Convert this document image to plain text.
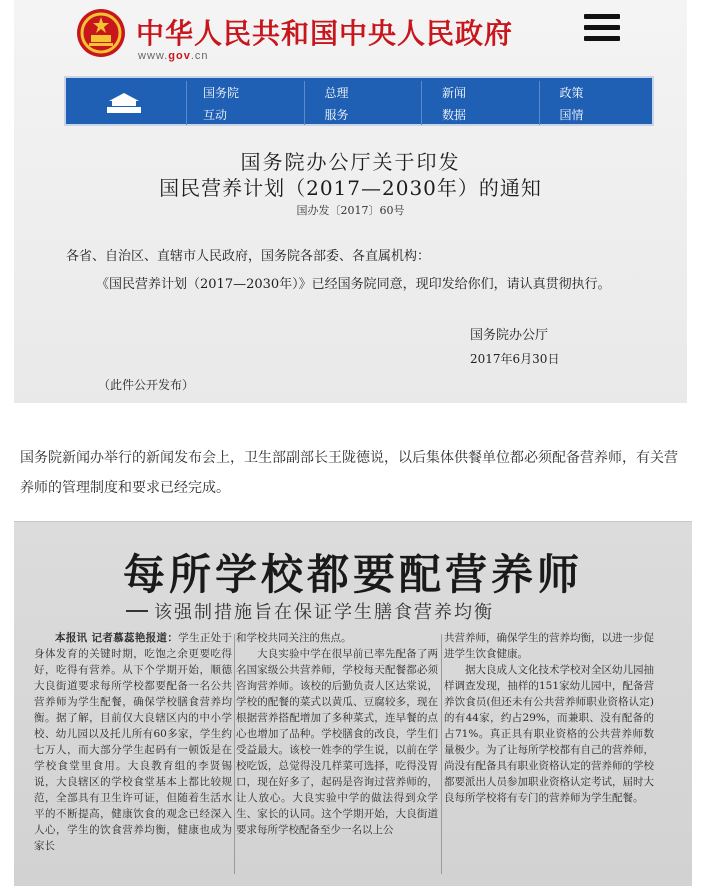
中华人民共和国中央人民政府
www.gov.cn
国务院	总理	新闻	政策
互动	服务	数据	国情
国务院办公厅关于印发
国民营养计划（2017—2030年）的通知
国办发〔2017〕60号
各省、自治区、直辖市人民政府，国务院各部委、各直属机构：
《国民营养计划（2017—2030年）》已经国务院同意，现印发给你们，请认真贯彻执行。
国务院办公厅
2017年6月30日
（此件公开发布）
国务院新闻办举行的新闻发布会上，卫生部副部长王陇德说，以后集体供餐单位都必须配备营养师，有关营养师的管理制度和要求已经完成。
每所学校都要配营养师
该强制措施旨在保证学生膳食营养均衡
本报讯 记者慕蕊艳报道：学生正处于身体发育的关键时期，吃饱之余更要吃得好，吃得有营养。从下个学期开始，顺德大良街道要求每所学校都要配备一名公共营养师为学生配餐，确保学校膳食营养均衡。据了解，目前仅大良辖区内的中小学校、幼儿园以及托儿所有60多家，学生约七万人，而大部分学生起码有一顿饭是在学校食堂里食用。大良教育组的李贤锡说，大良辖区的学校食堂基本上都比较规范，全部具有卫生许可证，但随着生活水平的不断提高，健康饮食的观念已经深入人心，学生的饮食营养均衡，健康也成为家长

和学校共同关注的焦点。

大良实验中学在很早前已率先配备了两名国家级公共营养师，学校每天配餐都必须咨询营养师。该校的后勤负责人区达棠说，学校的配餐的菜式以黄瓜、豆腐较多，现在根据营养搭配增加了多种菜式，连早餐的点心也增加了品种。学校膳食的改良，学生们受益最大。该校一姓李的学生说，以前在学校吃饭，总觉得没几样菜可选择，吃得没胃口，现在好多了，起码是咨询过营养师的，让人放心。大良实验中学的做法得到众学生、家长的认同。这个学期开始，大良街道要求每所学校配备至少一名以上公

共营养师，确保学生的营养均衡，以进一步促进学生饮食健康。

据大良成人文化技术学校对全区幼儿园抽样调查发现，抽样的151家幼儿园中，配备营养饮食员(但还未有公共营养师职业资格认定)的有44家，约占29%，而兼职、没有配备的占71%。真正具有职业资格的公共营养师数量极少。为了让每所学校都有自己的营养师，尚没有配备具有职业资格认定的营养师的学校都要派出人员参加职业资格认定考试，届时大良每所学校将有专门的营养师为学生配餐。
